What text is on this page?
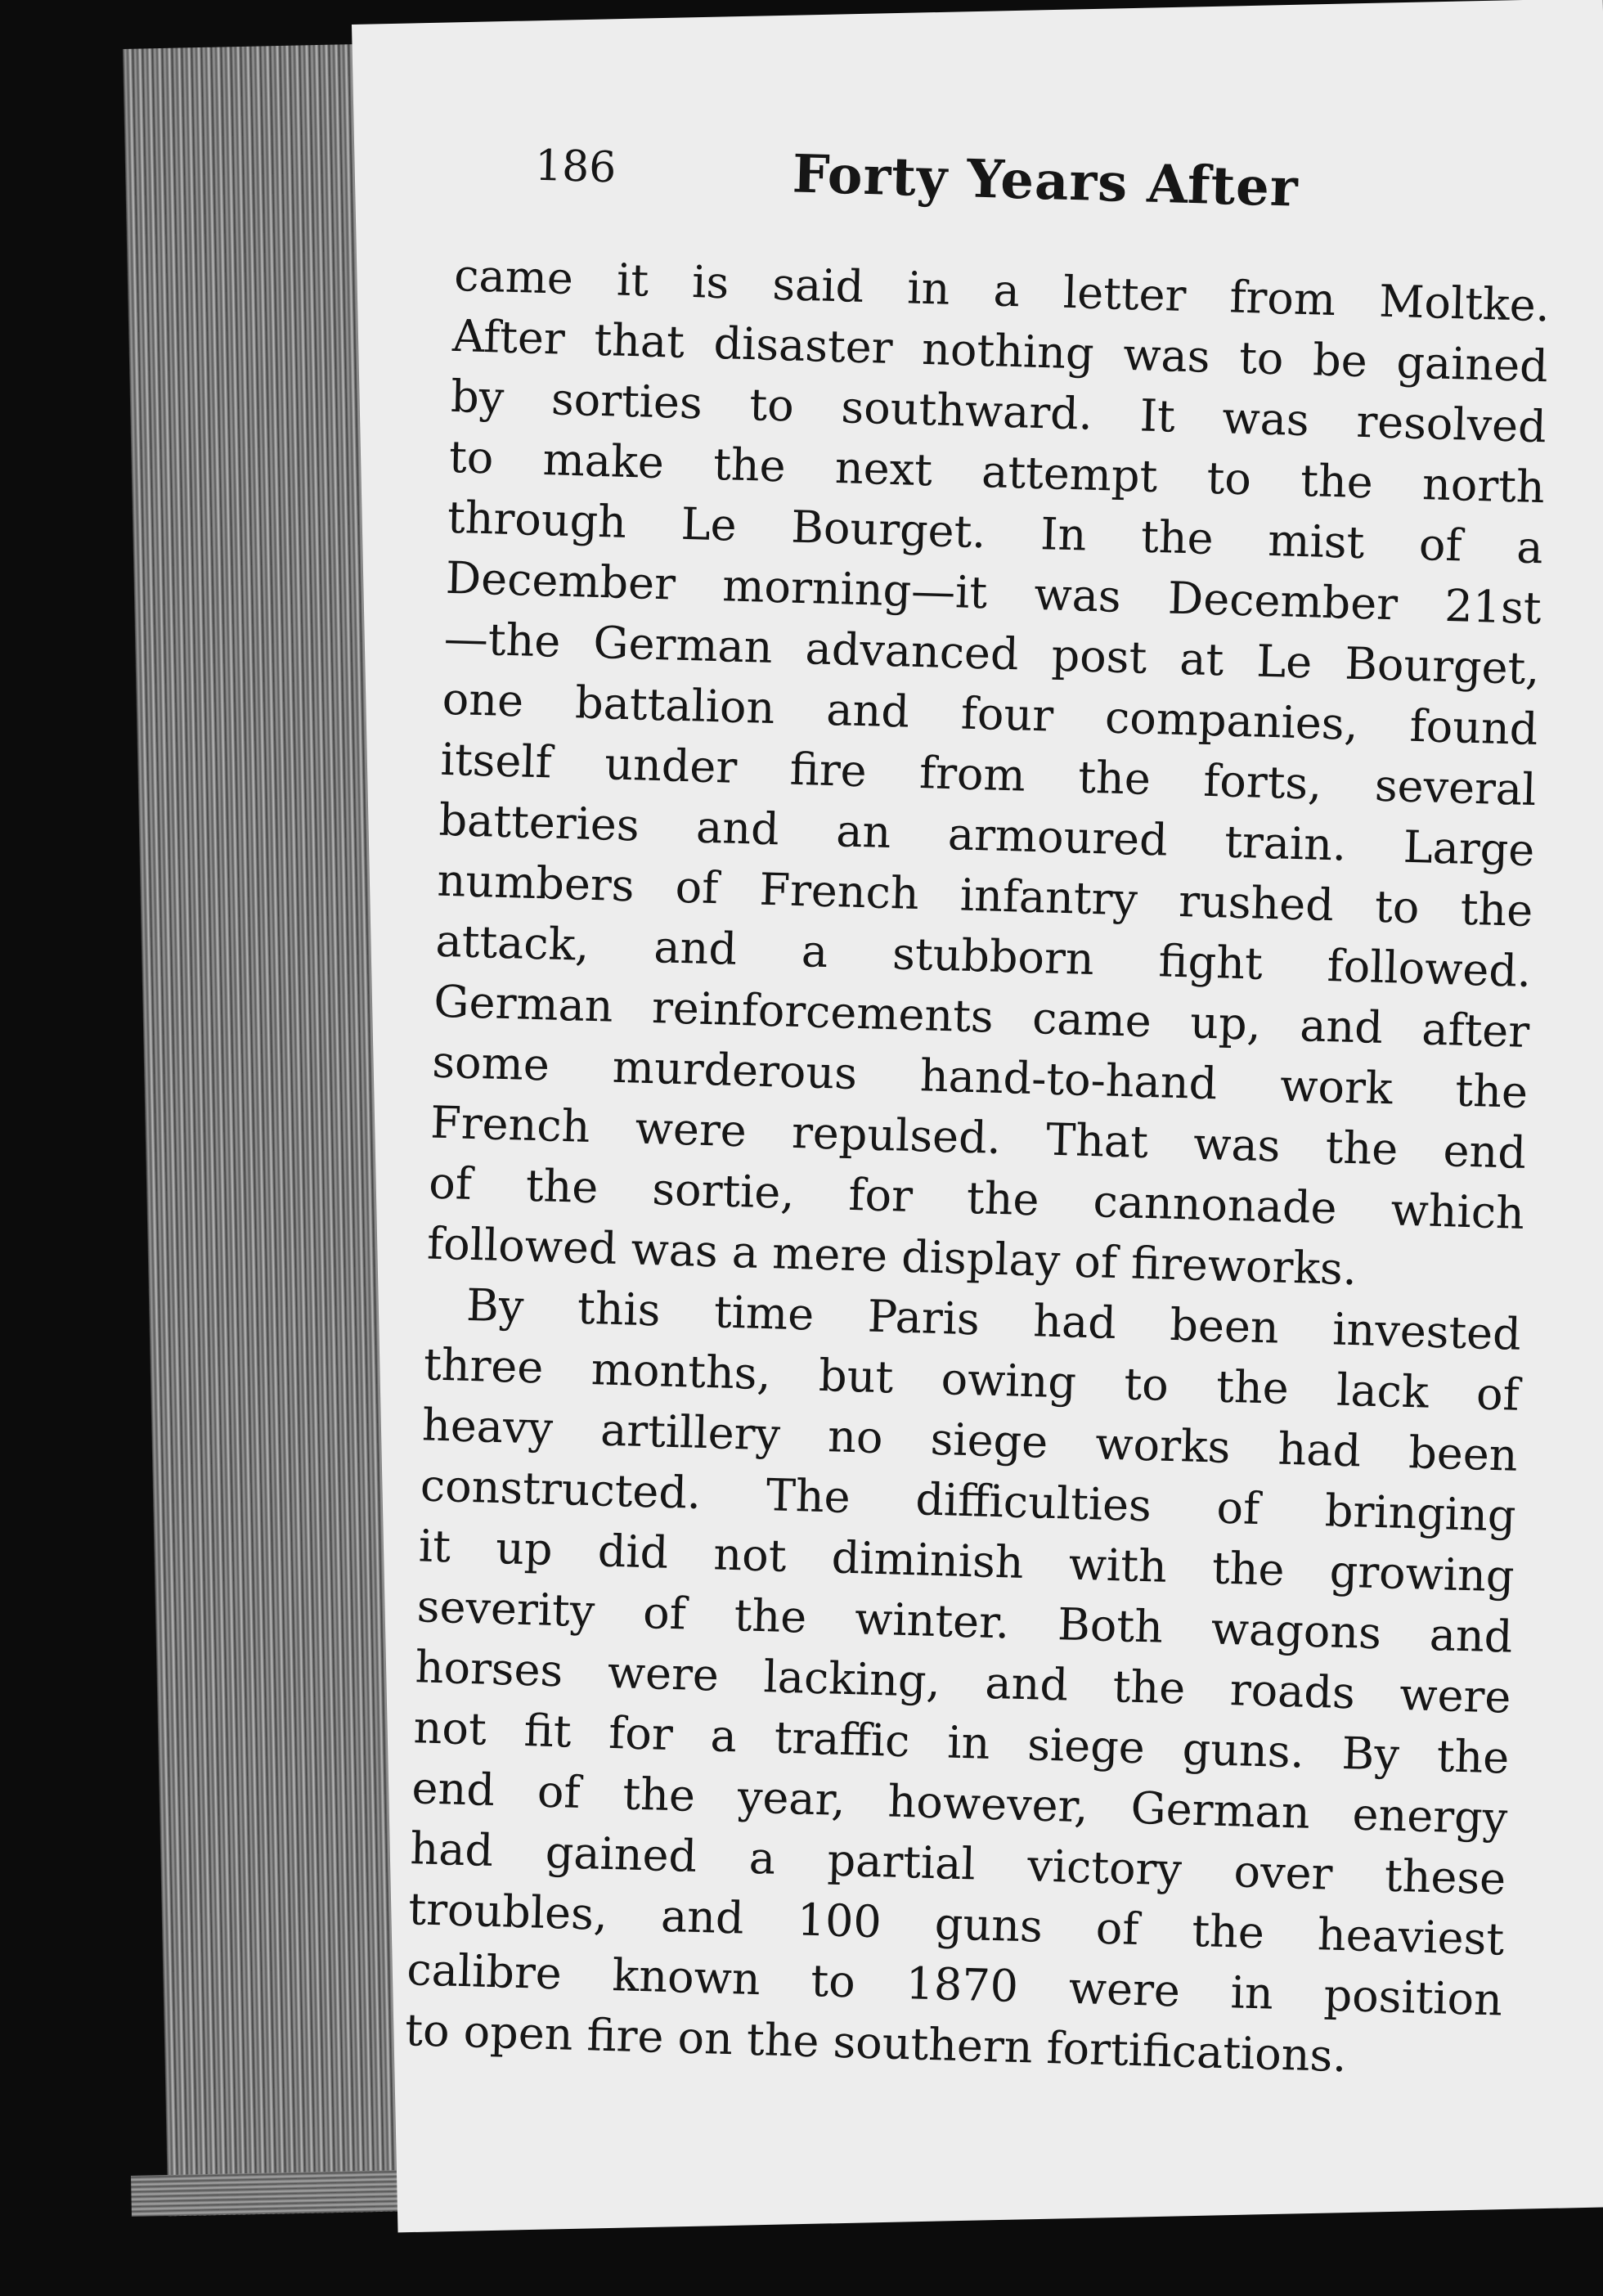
186	Forty Years After
came it is said in a letter from Moltke.
After that disaster nothing was to be gained
by sorties to southward. It was resolved
to make the next attempt to the north
through Le Bourget. In the mist of a
December morning—it was December 21st
—the German advanced post at Le Bourget,
one battalion and four companies, found
itself under fire from the forts, several
batteries and an armoured train. Large
numbers of French infantry rushed to the
attack, and a stubborn fight followed.
German reinforcements came up, and after
some murderous hand-to-hand work the
French were repulsed. That was the end
of the sortie, for the cannonade which
followed was a mere display of fireworks.
By this time Paris had been invested
three months, but owing to the lack of
heavy artillery no siege works had been
constructed. The difficulties of bringing
it up did not diminish with the growing
severity of the winter. Both wagons and
horses were lacking, and the roads were
not fit for a traffic in siege guns. By the
end of the year, however, German energy
had gained a partial victory over these
troubles, and 100 guns of the heaviest
calibre known to 1870 were in position
to open fire on the southern fortifications.
